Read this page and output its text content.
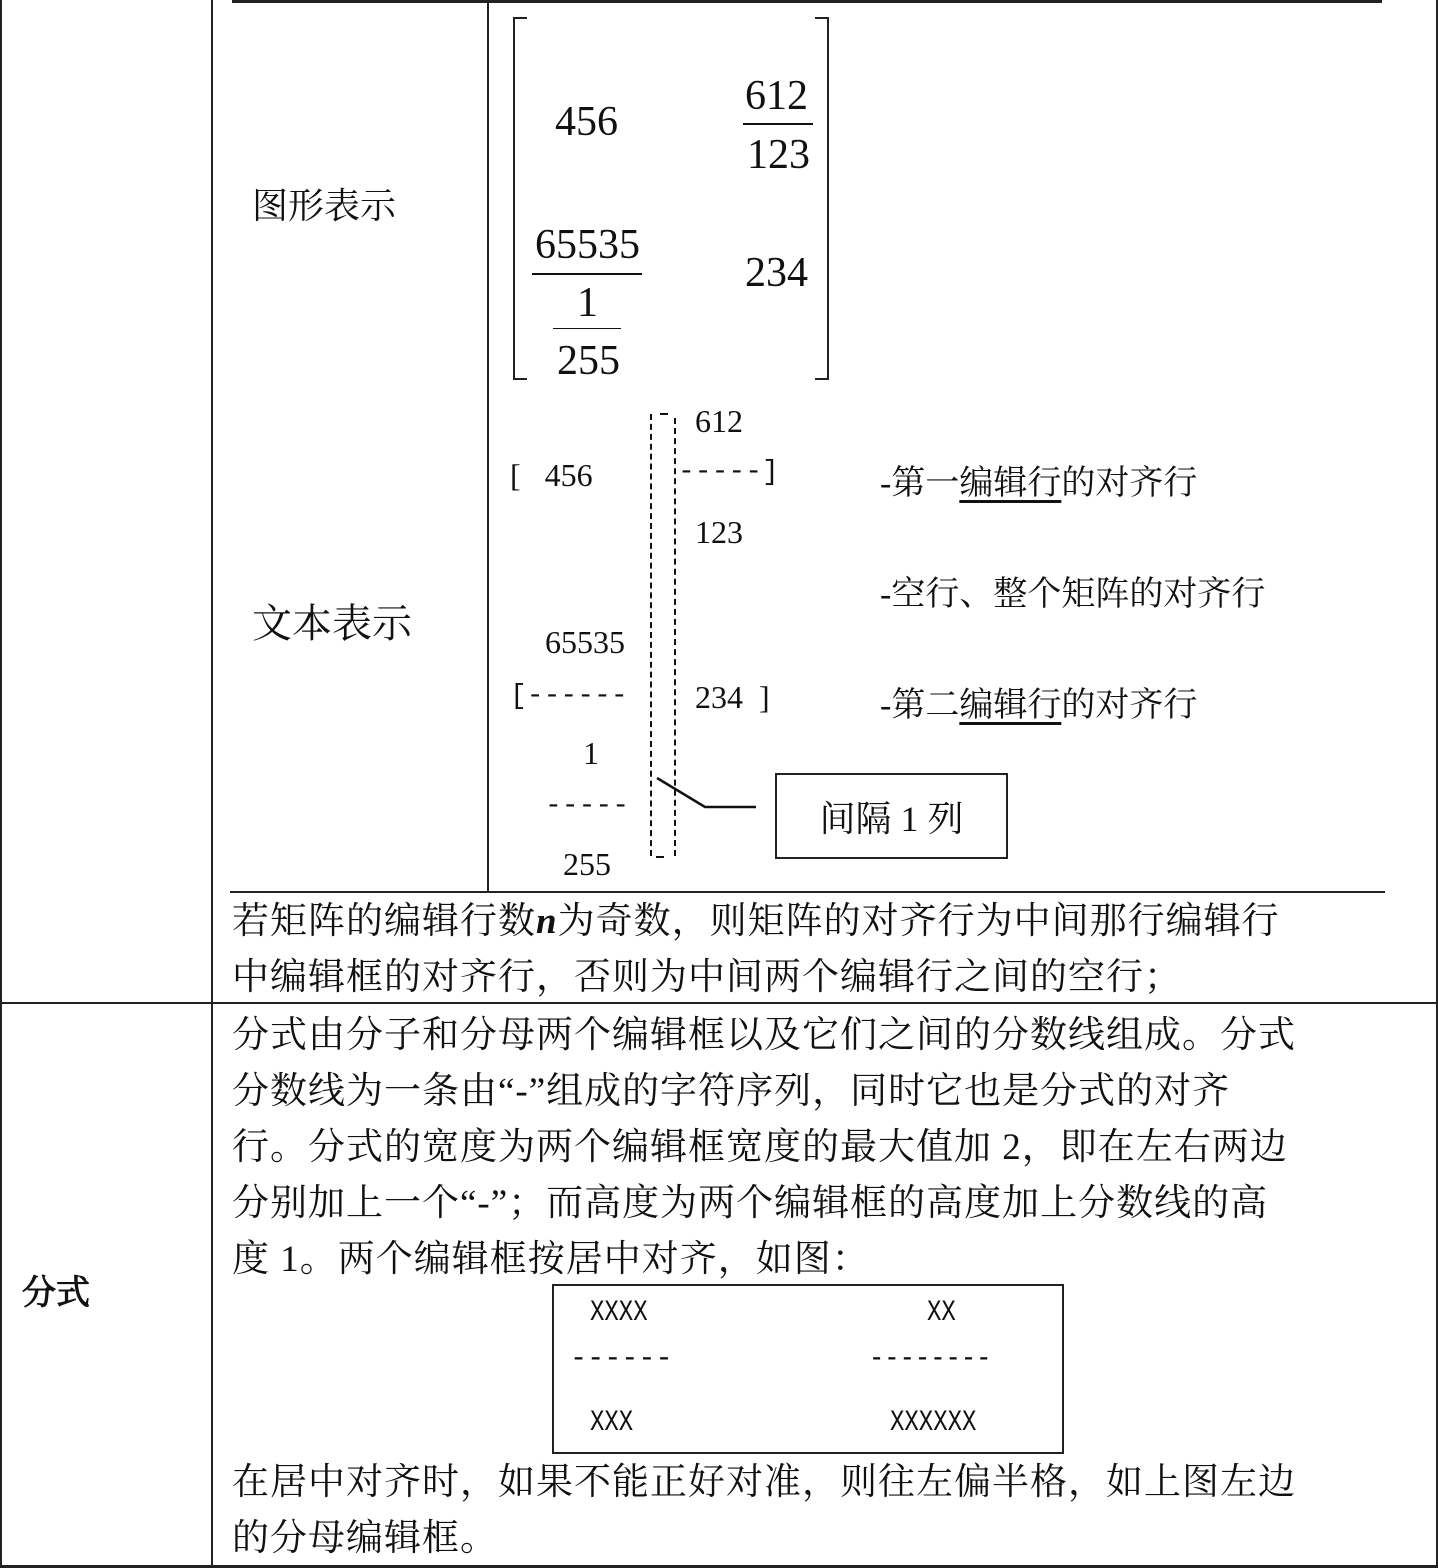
图形表示
文本表示
456
612
123
65535
1
255
234
612
[   456	-----]
123
65535
[------ 234  ]
1
-----
255
间隔 1 列
-第一编辑行的对齐行
-空行、整个矩阵的对齐行
-第二编辑行的对齐行
若矩阵的编辑行数n为奇数，则矩阵的对齐行为中间那行编辑行
中编辑框的对齐行，否则为中间两个编辑行之间的空行；
分式
分式由分子和分母两个编辑框以及它们之间的分数线组成。分式
分数线为一条由“-”组成的字符序列，同时它也是分式的对齐
行。分式的宽度为两个编辑框宽度的最大值加 2，即在左右两边
分别加上一个“-”；而高度为两个编辑框的高度加上分数线的高
度 1。两个编辑框按居中对齐，如图：
XXXX
------
XXX
XX
--------
XXXXXX
在居中对齐时，如果不能正好对准，则往左偏半格，如上图左边
的分母编辑框。
